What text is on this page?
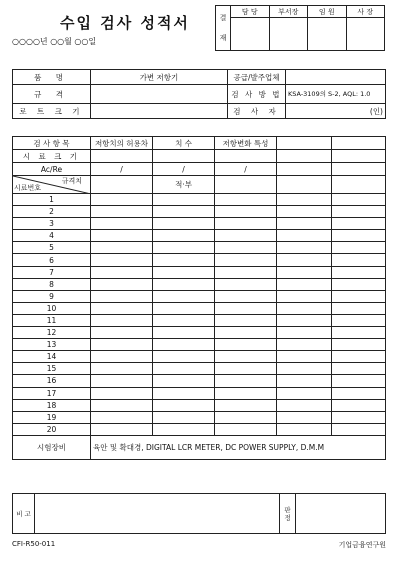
수입 검사 성적서
○○○○년 ○○월 ○○일
결
재	담 당	부서장	임 원	사 장

품 명	가변 저항기	공급/발주업체	
규 격		검 사 방 법	KSA-3109의 S-2, AQL: 1.0
로 트 크 기		검 사 자	(인)
검 사 항 목	저항치의 허용차	치 수	저항변화 특성		
시 료 크 기					
Ac/Re	/	/	/		

규격치
시료번호		적·부			
1					
2					
3					
4					
5					
6					
7					
8					
9					
10					
11					
12					
13					
14					
15					
16					
17					
18					
19					
20					
시험장비	육안 및 확대경, DIGITAL LCR METER, DC POWER SUPPLY, D.M.M				
비 고		판 정	
CFI-R50-011	기업금융연구원
